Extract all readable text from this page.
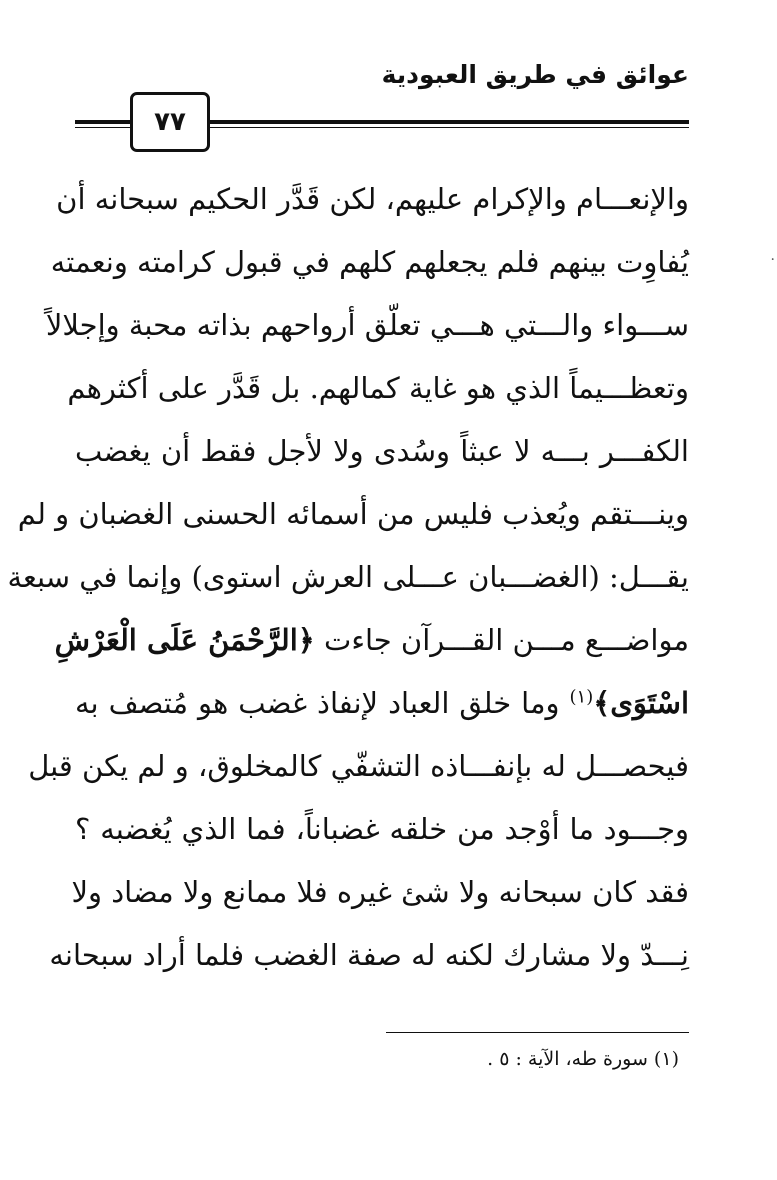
عوائق في طريق العبودية
٧٧
·
والإنعـــام والإكرام عليهم، لكن قَدَّر الحكيم سبحانه أن
يُفاوِت بينهم فلم يجعلهم كلهم في قبول كرامته ونعمته
ســـواء والـــتي هـــي تعلّق أرواحهم بذاته محبة وإجلالاً
وتعظـــيماً الذي هو غاية كمالهم. بل قَدَّر على أكثرهم
الكفـــر بـــه لا عبثاً وسُدى ولا لأجل فقط أن يغضب
وينـــتقم ويُعذب فليس من أسمائه الحسنى الغضبان و لم
يقـــل: (الغضـــبان عـــلى العرش استوى) وإنما في سبعة
مواضـــع مـــن القـــرآن جاءت ﴿الرَّحْمَنُ عَلَى الْعَرْشِ
اسْتَوَى﴾$^{(١)}$ وما خلق العباد لإنفاذ غضب هو مُتصف به
فيحصـــل له بإنفـــاذه التشفّي كالمخلوق، و لم يكن قبل
وجـــود ما أوْجد من خلقه غضباناً، فما الذي يُغضبه ؟
فقد كان سبحانه ولا شئ غيره فلا ممانع ولا مضاد ولا
نِـــدّ ولا مشارك لكنه له صفة الغضب فلما أراد سبحانه
(١) سورة طه، الآية : ٥ .
